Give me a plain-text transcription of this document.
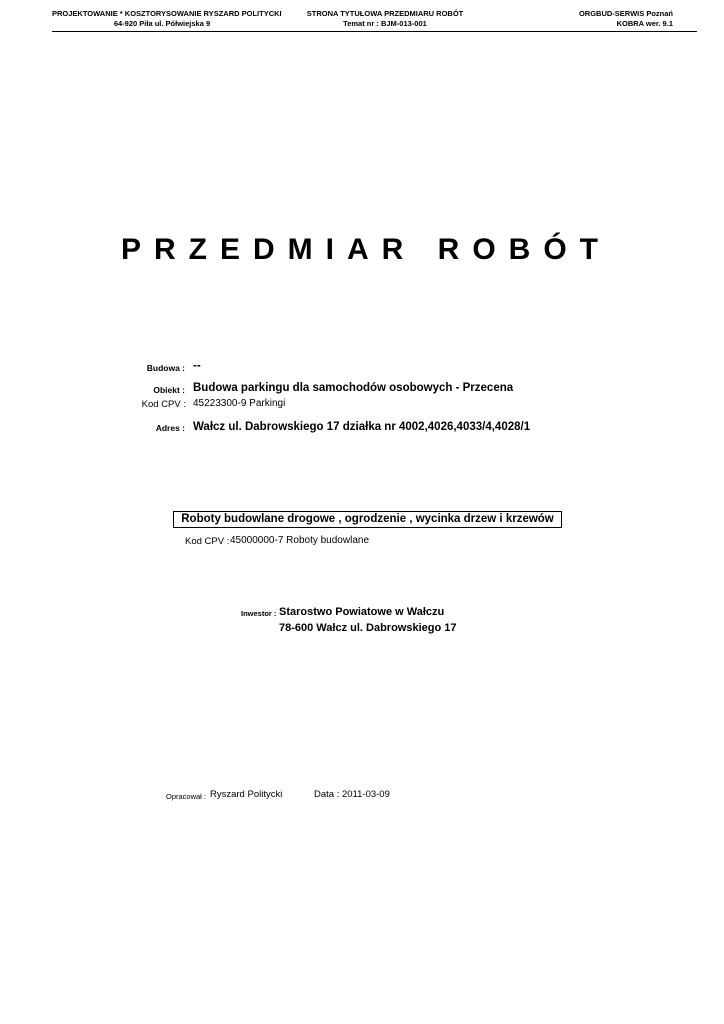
PROJEKTOWANIE * KOSZTORYSOWANIE RYSZARD POLITYCKI
64-920 Piła ul. Półwiejska 9
STRONA TYTUŁOWA PRZEDMIARU ROBÓT
Temat nr : BJM-013-001
ORGBUD-SERWIS Poznań
KOBRA wer. 9.1
PRZEDMIAR ROBÓT
Budowa : --
Obiekt : Budowa parkingu dla samochodów osobowych - Przecena
Kod CPV : 45223300-9 Parkingi
Adres : Wałcz ul. Dabrowskiego 17 działka nr 4002,4026,4033/4,4028/1
Roboty budowlane drogowe , ogrodzenie , wycinka drzew i krzewów
Kod CPV : 45000000-7 Roboty budowlane
Inwestor : Starostwo Powiatowe w Wałczu
78-600 Wałcz ul. Dabrowskiego 17
Opracował : Ryszard Politycki	Data : 2011-03-09
